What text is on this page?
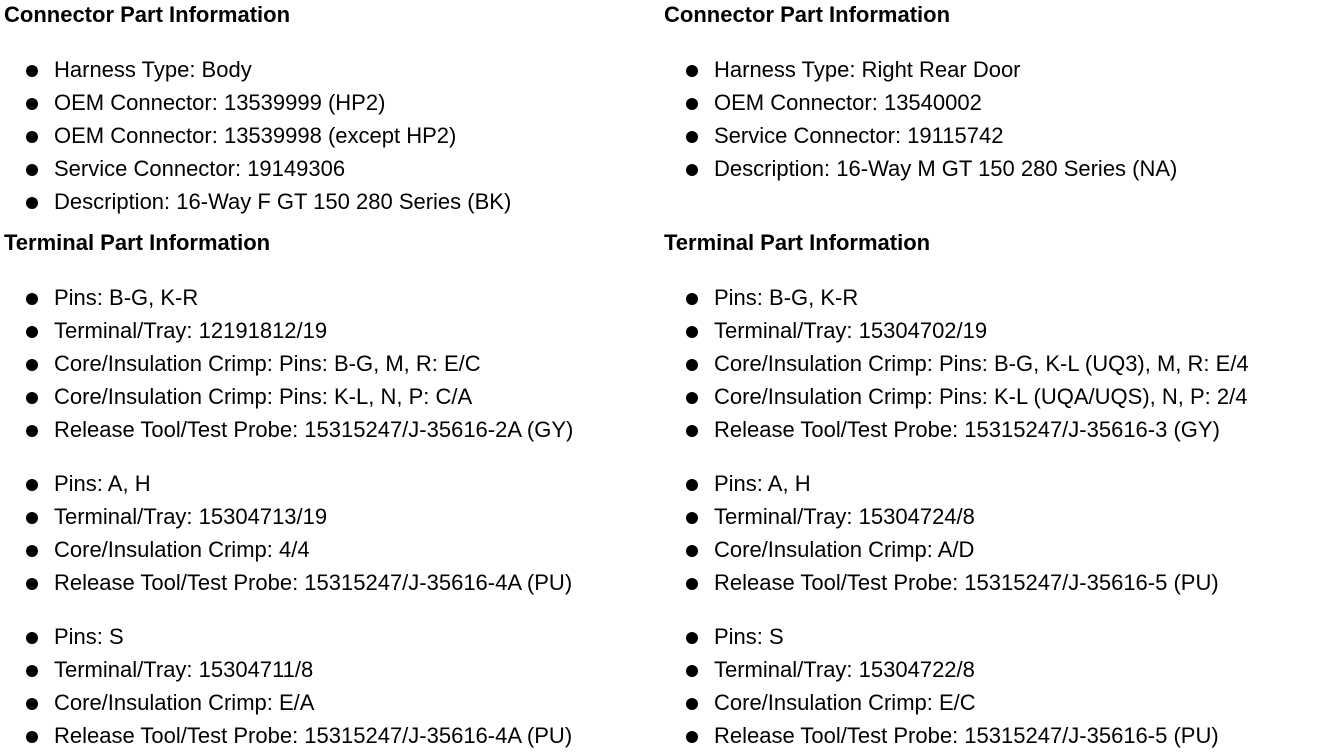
Connector Part Information
Harness Type: Body
OEM Connector: 13539999 (HP2)
OEM Connector: 13539998 (except HP2)
Service Connector: 19149306
Description: 16-Way F GT 150 280 Series (BK)
Terminal Part Information
Pins: B-G, K-R
Terminal/Tray: 12191812/19
Core/Insulation Crimp: Pins: B-G, M, R: E/C
Core/Insulation Crimp: Pins: K-L, N, P: C/A
Release Tool/Test Probe: 15315247/J-35616-2A (GY)
Pins: A, H
Terminal/Tray: 15304713/19
Core/Insulation Crimp: 4/4
Release Tool/Test Probe: 15315247/J-35616-4A (PU)
Pins: S
Terminal/Tray: 15304711/8
Core/Insulation Crimp: E/A
Release Tool/Test Probe: 15315247/J-35616-4A (PU)
Connector Part Information
Harness Type: Right Rear Door
OEM Connector: 13540002
Service Connector: 19115742
Description: 16-Way M GT 150 280 Series (NA)
Terminal Part Information
Pins: B-G, K-R
Terminal/Tray: 15304702/19
Core/Insulation Crimp: Pins: B-G, K-L (UQ3), M, R: E/4
Core/Insulation Crimp: Pins: K-L (UQA/UQS), N, P: 2/4
Release Tool/Test Probe: 15315247/J-35616-3 (GY)
Pins: A, H
Terminal/Tray: 15304724/8
Core/Insulation Crimp: A/D
Release Tool/Test Probe: 15315247/J-35616-5 (PU)
Pins: S
Terminal/Tray: 15304722/8
Core/Insulation Crimp: E/C
Release Tool/Test Probe: 15315247/J-35616-5 (PU)
